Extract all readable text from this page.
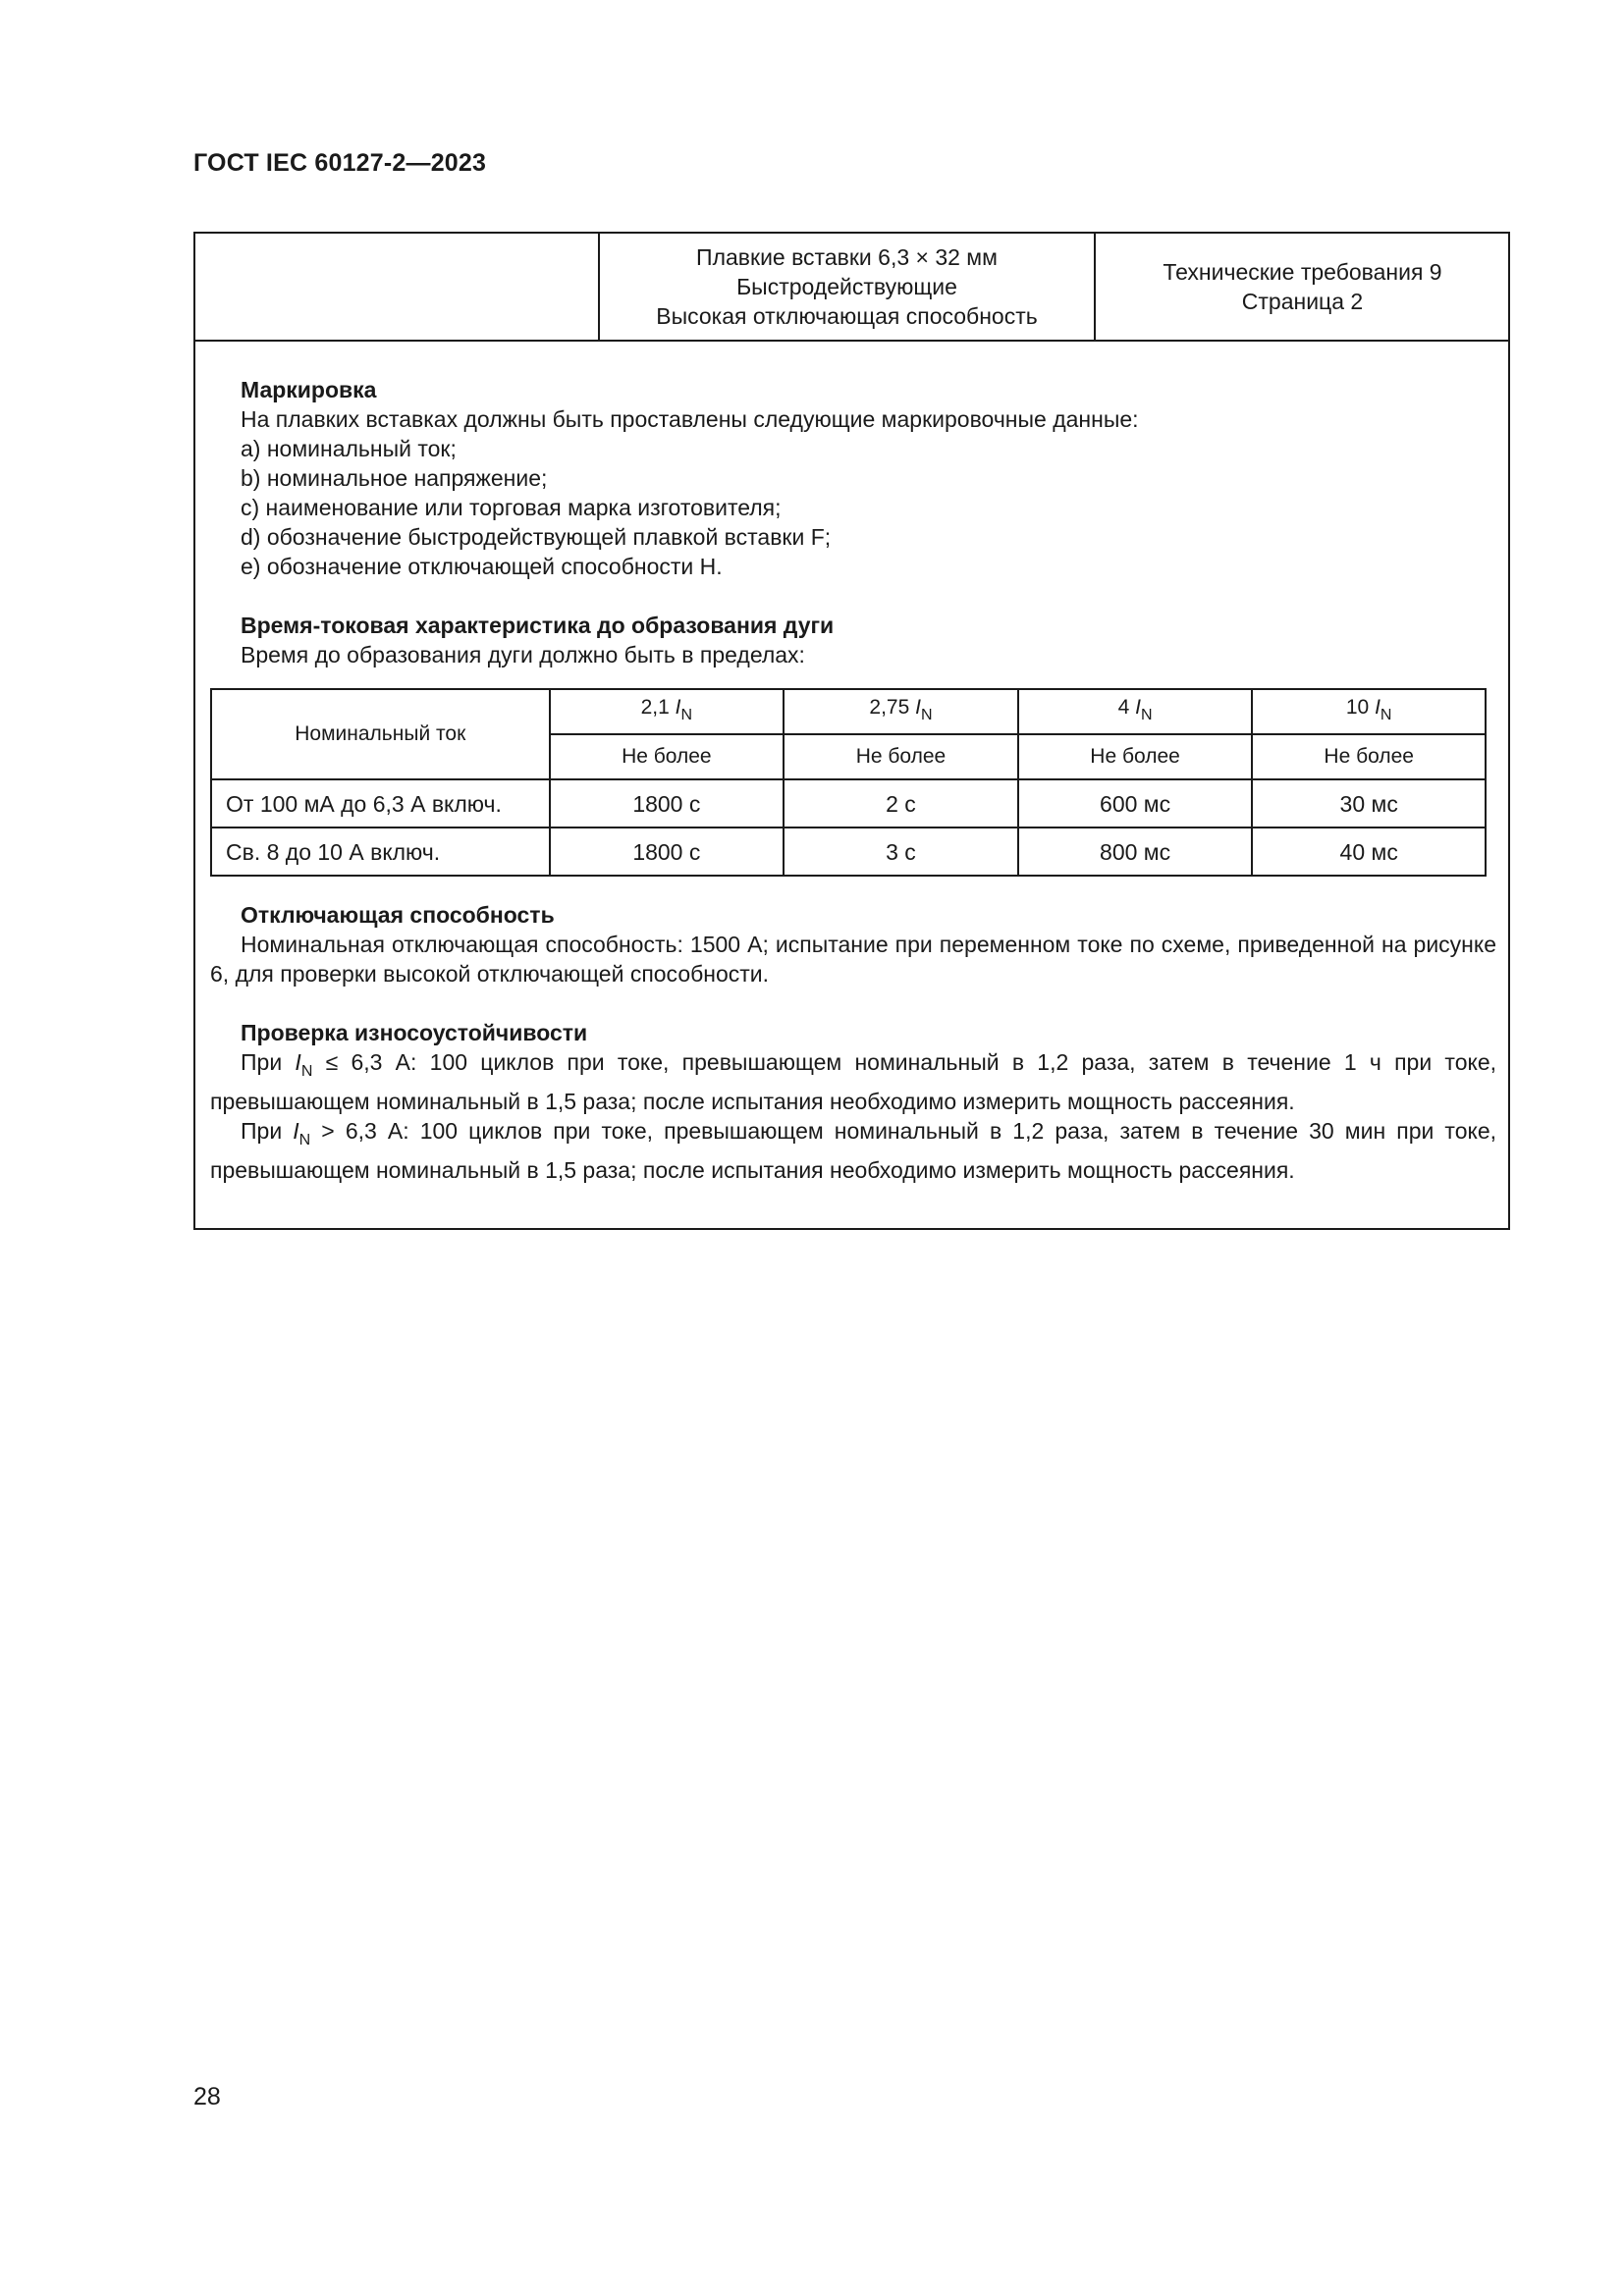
ГОСТ IEC 60127-2—2023
Плавкие вставки 6,3 × 32 мм
Быстродействующие
Высокая отключающая способность
Технические требования 9
Страница 2
Маркировка
На плавких вставках должны быть проставлены следующие маркировочные данные:
a) номинальный ток;
b) номинальное напряжение;
c) наименование или торговая марка изготовителя;
d) обозначение быстродействующей плавкой вставки F;
e) обозначение отключающей способности H.
Время-токовая характеристика до образования дуги
Время до образования дуги должно быть в пределах:
Номинальный ток	2,1 $I_N$	2,75 $I_N$	4 $I_N$	10 $I_N$
	Не более	Не более	Не более	Не более
От 100 мА до 6,3 А включ.	1800 с	2 с	600 мс	30 мс
Св. 8 до 10 А включ.	1800 с	3 с	800 мс	40 мс
Отключающая способность
Номинальная отключающая способность: 1500 А; испытание при переменном токе по схеме, приведенной на рисунке 6, для проверки высокой отключающей способности.
Проверка износоустойчивости
При $I_N \le 6,3$ А: 100 циклов при токе, превышающем номинальный в 1,2 раза, затем в течение 1 ч при токе, превышающем номинальный в 1,5 раза; после испытания необходимо измерить мощность рассеяния.
При $I_N > 6,3$ А: 100 циклов при токе, превышающем номинальный в 1,2 раза, затем в течение 30 мин при токе, превышающем номинальный в 1,5 раза; после испытания необходимо измерить мощность рассеяния.
28
